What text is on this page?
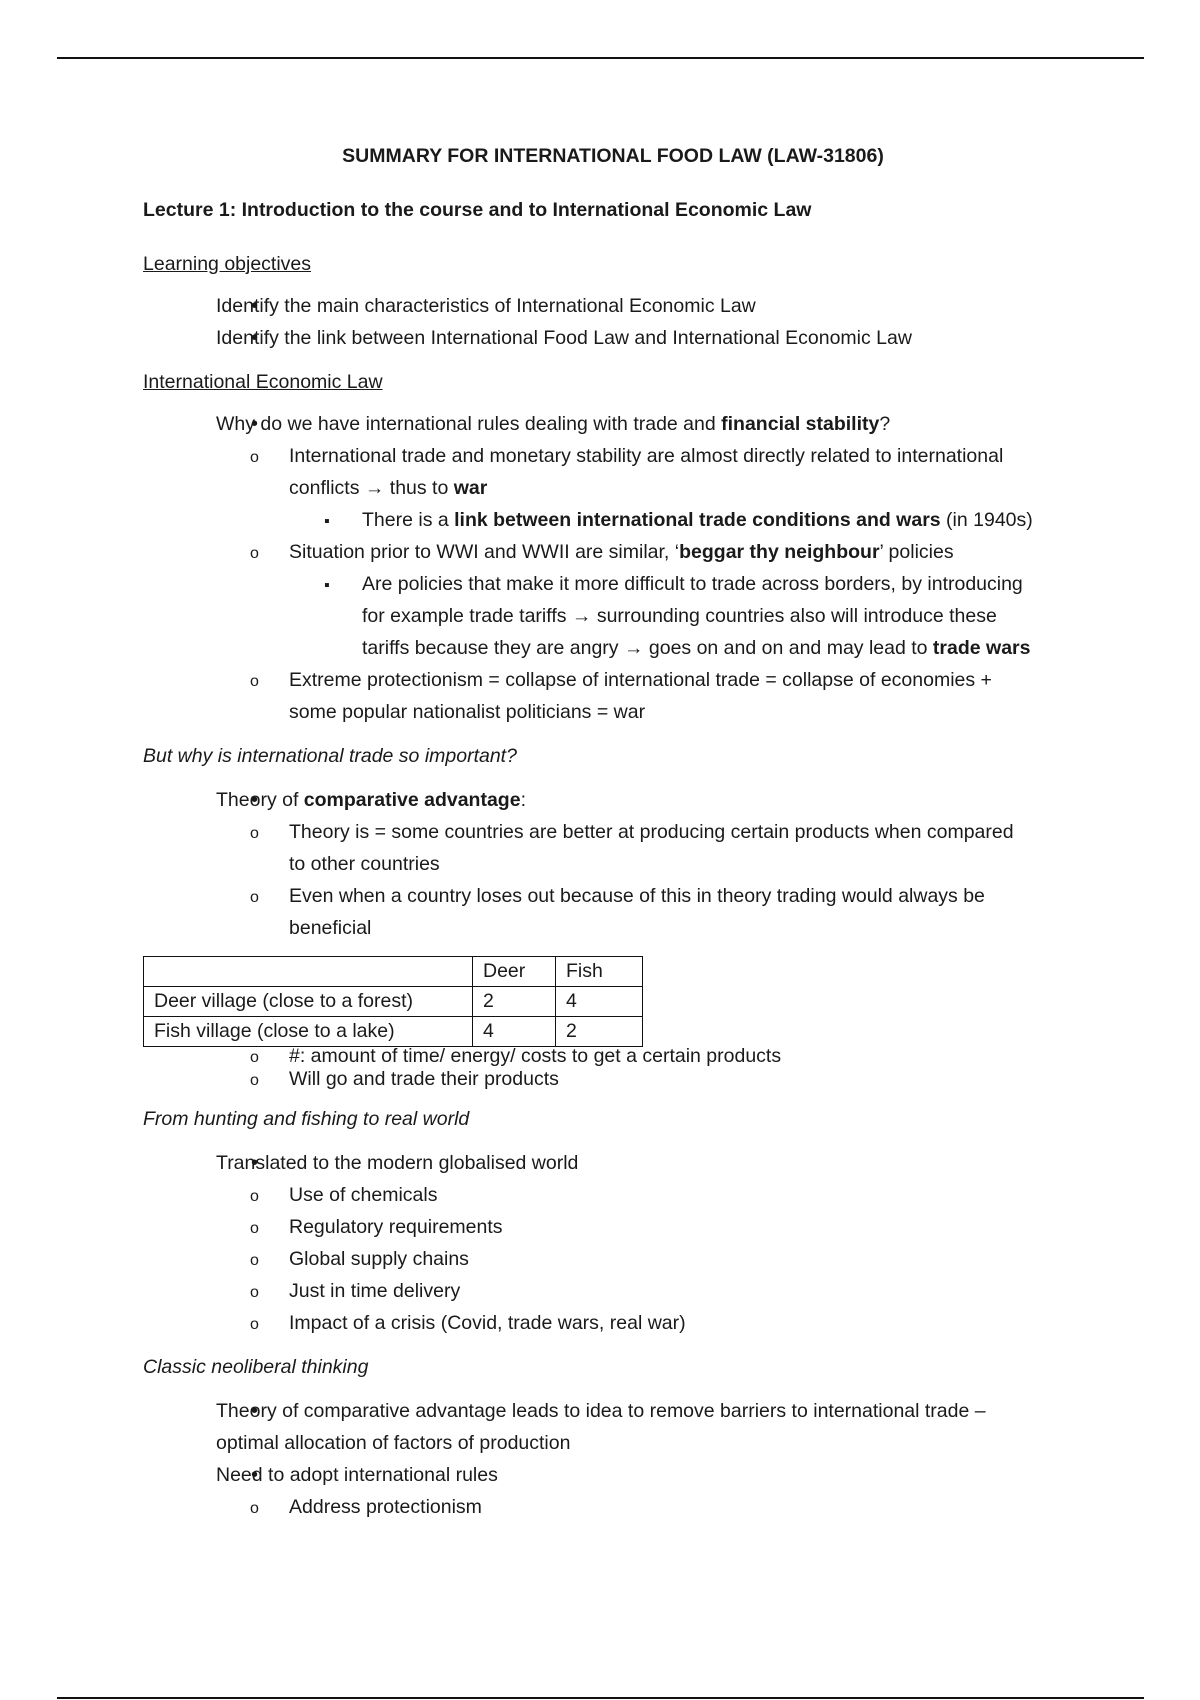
SUMMARY FOR INTERNATIONAL FOOD LAW (LAW-31806)
Lecture 1: Introduction to the course and to International Economic Law
Learning objectives
•
Identify the main characteristics of International Economic Law
•
Identify the link between International Food Law and International Economic Law
International Economic Law
•
Why do we have international rules dealing with trade and financial stability?
o
International trade and monetary stability are almost directly related to international
conflicts → thus to war
▪
There is a link between international trade conditions and wars (in 1940s)
o
Situation prior to WWI and WWII are similar, ‘beggar thy neighbour’ policies
▪
Are policies that make it more difficult to trade across borders, by introducing
for example trade tariffs → surrounding countries also will introduce these
tariffs because they are angry → goes on and on and may lead to trade wars
o
Extreme protectionism = collapse of international trade = collapse of economies +
some popular nationalist politicians = war
But why is international trade so important?
•
Theory of comparative advantage:
o
Theory is = some countries are better at producing certain products when compared
to other countries
o
Even when a country loses out because of this in theory trading would always be
beneficial
	Deer	Fish
Deer village (close to a forest)	2	4
Fish village (close to a lake)	4	2
o
#: amount of time/ energy/ costs to get a certain products
o
Will go and trade their products
From hunting and fishing to real world
•
Translated to the modern globalised world
o
Use of chemicals
o
Regulatory requirements
o
Global supply chains
o
Just in time delivery
o
Impact of a crisis (Covid, trade wars, real war)
Classic neoliberal thinking
•
Theory of comparative advantage leads to idea to remove barriers to international trade –
optimal allocation of factors of production
•
Need to adopt international rules
o
Address protectionism
